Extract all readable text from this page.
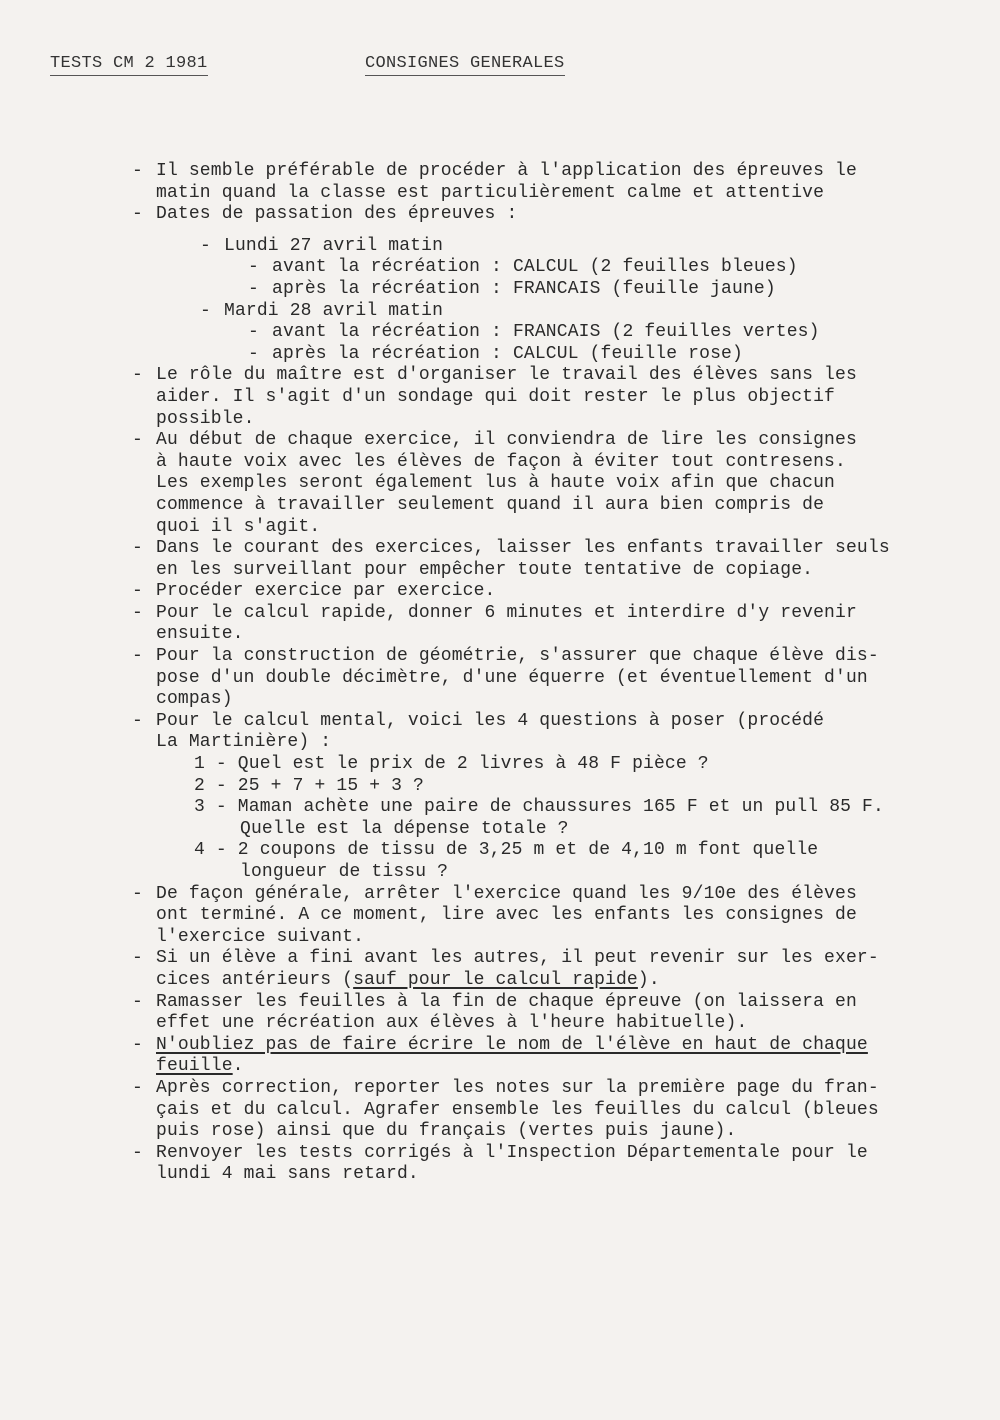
TESTS CM 2 1981	CONSIGNES GENERALES
- Il semble préférable de procéder à l'application des épreuves le
matin quand la classe est particulièrement calme et attentive
- Dates de passation des épreuves :
- Lundi 27 avril matin
- avant la récréation : CALCUL (2 feuilles bleues)
- après la récréation : FRANCAIS (feuille jaune)
- Mardi 28 avril matin
- avant la récréation : FRANCAIS (2 feuilles vertes)
- après la récréation : CALCUL (feuille rose)
- Le rôle du maître est d'organiser le travail des élèves sans les
aider. Il s'agit d'un sondage qui doit rester le plus objectif
possible.
- Au début de chaque exercice, il conviendra de lire les consignes
à haute voix avec les élèves de façon à éviter tout contresens.
Les exemples seront également lus à haute voix afin que chacun
commence à travailler seulement quand il aura bien compris de
quoi il s'agit.
- Dans le courant des exercices, laisser les enfants travailler seuls
en les surveillant pour empêcher toute tentative de copiage.
- Procéder exercice par exercice.
- Pour le calcul rapide, donner 6 minutes et interdire d'y revenir
ensuite.
- Pour la construction de géométrie, s'assurer que chaque élève dis-
pose d'un double décimètre, d'une équerre (et éventuellement d'un
compas)
- Pour le calcul mental, voici les 4 questions à poser (procédé
La Martinière) :
1 - Quel est le prix de 2 livres à 48 F pièce ?
2 - 25 + 7 + 15 + 3 ?
3 - Maman achète une paire de chaussures 165 F et un pull 85 F.
Quelle est la dépense totale ?
4 - 2 coupons de tissu de 3,25 m et de 4,10 m font quelle
longueur de tissu ?
- De façon générale, arrêter l'exercice quand les 9/10e des élèves
ont terminé. A ce moment, lire avec les enfants les consignes de
l'exercice suivant.
- Si un élève a fini avant les autres, il peut revenir sur les exer-
cices antérieurs (sauf pour le calcul rapide).
- Ramasser les feuilles à la fin de chaque épreuve (on laissera en
effet une récréation aux élèves à l'heure habituelle).
- N'oubliez pas de faire écrire le nom de l'élève en haut de chaque
feuille.
- Après correction, reporter les notes sur la première page du fran-
çais et du calcul. Agrafer ensemble les feuilles du calcul (bleues
puis rose) ainsi que du français (vertes puis jaune).
- Renvoyer les tests corrigés à l'Inspection Départementale pour le
lundi 4 mai sans retard.
